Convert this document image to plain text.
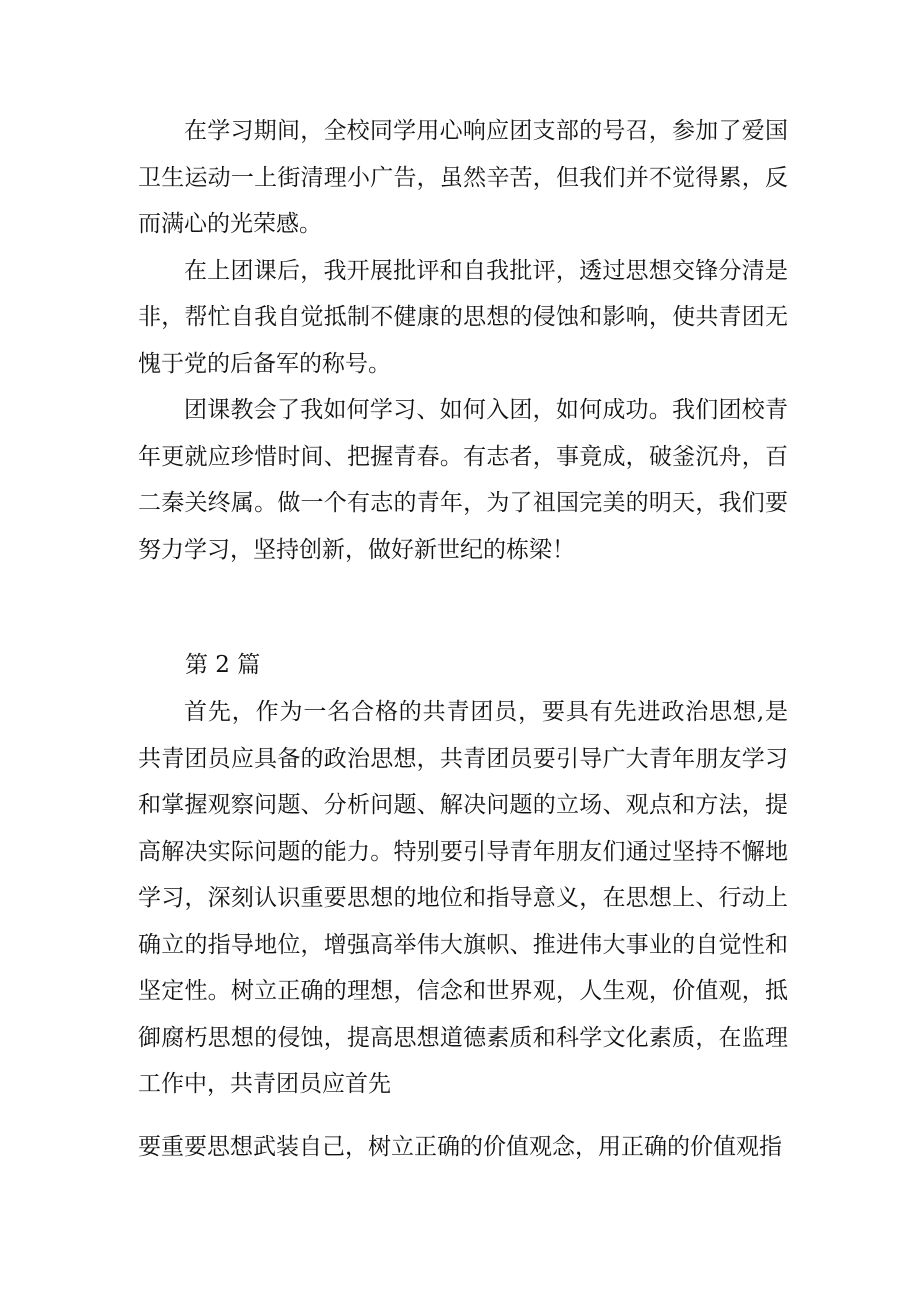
在学习期间，全校同学用心响应团支部的号召，参加了爱国卫生运动一上街清理小广告，虽然辛苦，但我们并不觉得累，反而满心的光荣感。

在上团课后，我开展批评和自我批评，透过思想交锋分清是非，帮忙自我自觉抵制不健康的思想的侵蚀和影响，使共青团无愧于党的后备军的称号。

团课教会了我如何学习、如何入团，如何成功。我们团校青年更就应珍惜时间、把握青春。有志者，事竟成，破釜沉舟，百二秦关终属。做一个有志的青年，为了祖国完美的明天，我们要努力学习，坚持创新，做好新世纪的栋梁！

第 2 篇

首先，作为一名合格的共青团员，要具有先进政治思想,是共青团员应具备的政治思想，共青团员要引导广大青年朋友学习和掌握观察问题、分析问题、解决问题的立场、观点和方法，提高解决实际问题的能力。特别要引导青年朋友们通过坚持不懈地学习，深刻认识重要思想的地位和指导意义，在思想上、行动上确立的指导地位，增强高举伟大旗帜、推进伟大事业的自觉性和坚定性。树立正确的理想，信念和世界观，人生观，价值观，抵御腐朽思想的侵蚀，提高思想道德素质和科学文化素质，在监理工作中，共青团员应首先

要重要思想武装自己，树立正确的价值观念，用正确的价值观指
